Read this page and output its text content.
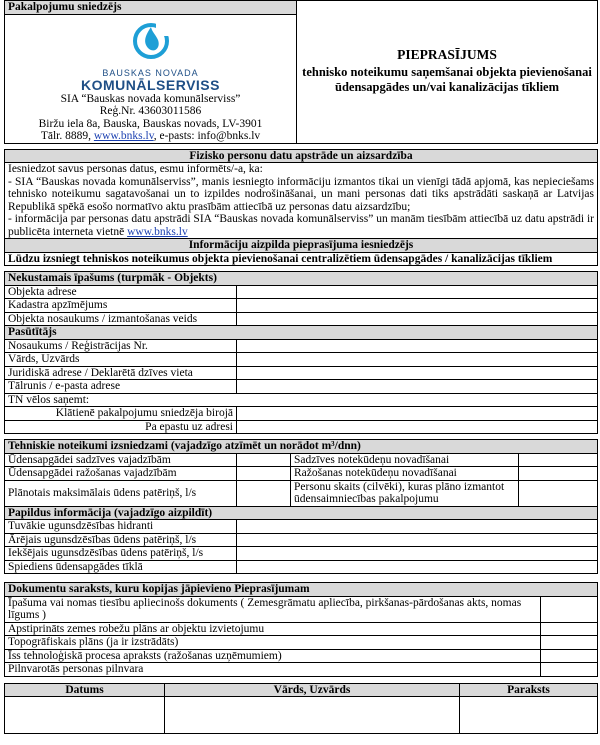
Pakalpojumu sniedzējs	
PIEPRASĪJUMS
tehnisko noteikumu saņemšanai objekta pievienošanai ūdensapgādes un/vai kanalizācijas tīkliem

BAUSKAS NOVADA
KOMUNĀLSERVISS
SIA “Bauskas novada komunālserviss”
Reģ.Nr. 43603011586
Biržu iela 8a, Bauska, Bauskas novads, LV-3901
Tālr. 8889, www.bnks.lv, e-pasts: info@bnks.lv
Fizisko personu datu apstrāde un aizsardzība

Iesniedzot savus personas datus, esmu informēts/-a, ka:
- SIA “Bauskas novada komunālserviss”, manis iesniegto informāciju izmantos tikai un vienīgi tādā apjomā, kas nepieciešams tehnisko noteikumu sagatavošanai un to izpildes nodrošināšanai, un mani personas dati tiks apstrādāti saskaņā ar Latvijas Republikā spēkā esošo normatīvo aktu prasībām attiecībā uz personas datu aizsardzību;
- informācija par personas datu apstrādi SIA “Bauskas novada komunālserviss” un manām tiesībām attiecībā uz datu apstrādi ir publicēta interneta vietnē www.bnks.lv

Informāciju aizpilda pieprasījuma iesniedzējs
Lūdzu izsniegt tehniskos noteikumus objekta pievienošanai centralizētiem ūdensapgādes / kanalizācijas tīkliem
Nekustamais īpašums (turpmāk - Objekts)	
Objekta adrese	
Kadastra apzīmējums	
Objekta nosaukums / izmantošanas veids	
Pasūtītājs	
Nosaukums / Reģistrācijas Nr.	
Vārds, Uzvārds	
Juridiskā adrese / Deklarētā dzīves vieta	
Tālrunis / e-pasta adrese	
TN vēlos saņemt:	
Klātienē pakalpojumu sniedzēja birojā	
Pa epastu uz adresi	
Tehniskie noteikumi izsniedzami (vajadzīgo atzīmēt un norādot m³/dnn)			
Ūdensapgādei sadzīves vajadzībām		Sadzīves notekūdeņu novadīšanai	
Ūdensapgādei ražošanas vajadzībām		Ražošanas notekūdeņu novadīšanai	
Plānotais maksimālais ūdens patēriņš, l/s		Personu skaits (cilvēki), kuras plāno izmantot ūdensaimniecības pakalpojumu	
Papildus informācija (vajadzīgo aizpildīt)			
Tuvākie ugunsdzēsības hidranti			
Ārējais ugunsdzēsības ūdens patēriņš, l/s			
Iekšējais ugunsdzēsības ūdens patēriņš, l/s			
Spiediens ūdensapgādes tīklā			
Dokumentu saraksts, kuru kopijas jāpievieno Pieprasījumam	
Īpašuma vai nomas tiesību apliecinošs dokuments ( Zemesgrāmatu apliecība, pirkšanas-pārdošanas akts, nomas līgums )	
Apstiprināts zemes robežu plāns ar objektu izvietojumu	
Topogrāfiskais plāns (ja ir izstrādāts)	
Īss tehnoloģiskā procesa apraksts (ražošanas uzņēmumiem)	
Pilnvarotās personas pilnvara	
Datums	Vārds, Uzvārds	Paraksts
